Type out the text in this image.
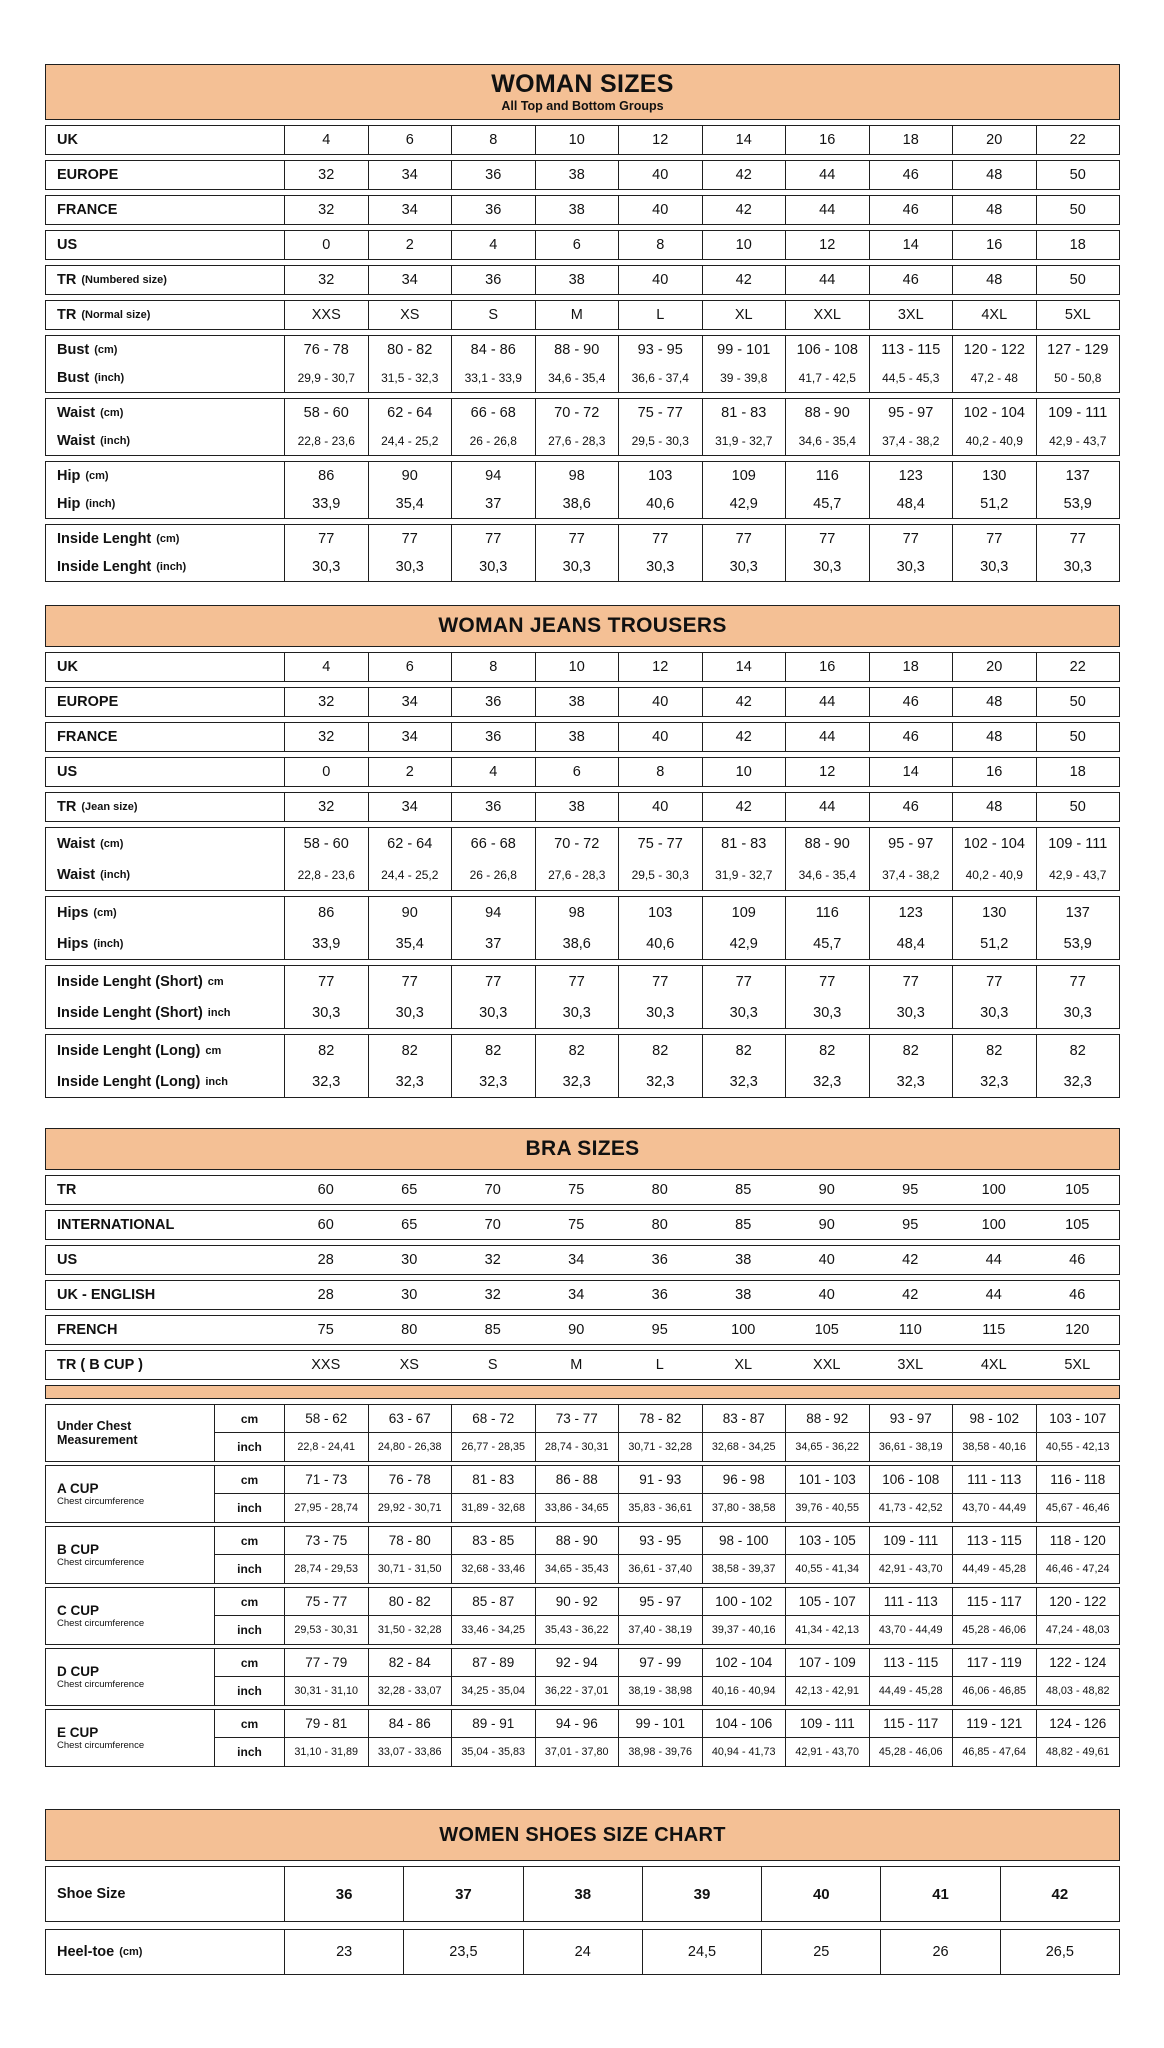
WOMAN SIZES
All Top and Bottom Groups
UK	4	6	8	10	12	14	16	18	20	22
EUROPE	32	34	36	38	40	42	44	46	48	50
FRANCE	32	34	36	38	40	42	44	46	48	50
US	0	2	4	6	8	10	12	14	16	18
TR (Numbered size)	32	34	36	38	40	42	44	46	48	50
TR (Normal size)	XXS	XS	S	M	L	XL	XXL	3XL	4XL	5XL
Bust (cm)	76 - 78	80 - 82	84 - 86	88 - 90	93 - 95	99 - 101	106 - 108	113 - 115	120 - 122	127 - 129
Bust (inch)	29,9 - 30,7	31,5 - 32,3	33,1 - 33,9	34,6 - 35,4	36,6 - 37,4	39 - 39,8	41,7 - 42,5	44,5 - 45,3	47,2 - 48	50 - 50,8
Waist (cm)	58 - 60	62 - 64	66 - 68	70 - 72	75 - 77	81 - 83	88 - 90	95 - 97	102 - 104	109 - 111
Waist (inch)	22,8 - 23,6	24,4 - 25,2	26 - 26,8	27,6 - 28,3	29,5 - 30,3	31,9 - 32,7	34,6 - 35,4	37,4 - 38,2	40,2 - 40,9	42,9 - 43,7
Hip (cm)	86	90	94	98	103	109	116	123	130	137
Hip (inch)	33,9	35,4	37	38,6	40,6	42,9	45,7	48,4	51,2	53,9
Inside Lenght (cm)	77	77	77	77	77	77	77	77	77	77
Inside Lenght (inch)	30,3	30,3	30,3	30,3	30,3	30,3	30,3	30,3	30,3	30,3
WOMAN JEANS TROUSERS
UK	4	6	8	10	12	14	16	18	20	22
EUROPE	32	34	36	38	40	42	44	46	48	50
FRANCE	32	34	36	38	40	42	44	46	48	50
US	0	2	4	6	8	10	12	14	16	18
TR (Jean size)	32	34	36	38	40	42	44	46	48	50
Waist (cm)	58 - 60	62 - 64	66 - 68	70 - 72	75 - 77	81 - 83	88 - 90	95 - 97	102 - 104	109 - 111
Waist (inch)	22,8 - 23,6	24,4 - 25,2	26 - 26,8	27,6 - 28,3	29,5 - 30,3	31,9 - 32,7	34,6 - 35,4	37,4 - 38,2	40,2 - 40,9	42,9 - 43,7
Hips (cm)	86	90	94	98	103	109	116	123	130	137
Hips (inch)	33,9	35,4	37	38,6	40,6	42,9	45,7	48,4	51,2	53,9
Inside Lenght (Short) cm	77	77	77	77	77	77	77	77	77	77
Inside Lenght (Short) inch	30,3	30,3	30,3	30,3	30,3	30,3	30,3	30,3	30,3	30,3
Inside Lenght (Long) cm	82	82	82	82	82	82	82	82	82	82
Inside Lenght (Long) inch	32,3	32,3	32,3	32,3	32,3	32,3	32,3	32,3	32,3	32,3
BRA SIZES
TR	60	65	70	75	80	85	90	95	100	105
INTERNATIONAL	60	65	70	75	80	85	90	95	100	105
US	28	30	32	34	36	38	40	42	44	46
UK - ENGLISH	28	30	32	34	36	38	40	42	44	46
FRENCH	75	80	85	90	95	100	105	110	115	120
TR ( B CUP )	XXS	XS	S	M	L	XL	XXL	3XL	4XL	5XL
Under Chest
Measurement
cm	58 - 62	63 - 67	68 - 72	73 - 77	78 - 82	83 - 87	88 - 92	93 - 97	98 - 102	103 - 107
inch	22,8 - 24,41	24,80 - 26,38	26,77 - 28,35	28,74 - 30,31	30,71 - 32,28	32,68 - 34,25	34,65 - 36,22	36,61 - 38,19	38,58 - 40,16	40,55 - 42,13
A CUP
Chest circumference
cm	71 - 73	76 - 78	81 - 83	86 - 88	91 - 93	96 - 98	101 - 103	106 - 108	111 - 113	116 - 118
inch	27,95 - 28,74	29,92 - 30,71	31,89 - 32,68	33,86 - 34,65	35,83 - 36,61	37,80 - 38,58	39,76 - 40,55	41,73 - 42,52	43,70 - 44,49	45,67 - 46,46
B CUP
Chest circumference
cm	73 - 75	78 - 80	83 - 85	88 - 90	93 - 95	98 - 100	103 - 105	109 - 111	113 - 115	118 - 120
inch	28,74 - 29,53	30,71 - 31,50	32,68 - 33,46	34,65 - 35,43	36,61 - 37,40	38,58 - 39,37	40,55 - 41,34	42,91 - 43,70	44,49 - 45,28	46,46 - 47,24
C CUP
Chest circumference
cm	75 - 77	80 - 82	85 - 87	90 - 92	95 - 97	100 - 102	105 - 107	111 - 113	115 - 117	120 - 122
inch	29,53 - 30,31	31,50 - 32,28	33,46 - 34,25	35,43 - 36,22	37,40 - 38,19	39,37 - 40,16	41,34 - 42,13	43,70 - 44,49	45,28 - 46,06	47,24 - 48,03
D CUP
Chest circumference
cm	77 - 79	82 - 84	87 - 89	92 - 94	97 - 99	102 - 104	107 - 109	113 - 115	117 - 119	122 - 124
inch	30,31 - 31,10	32,28 - 33,07	34,25 - 35,04	36,22 - 37,01	38,19 - 38,98	40,16 - 40,94	42,13 - 42,91	44,49 - 45,28	46,06 - 46,85	48,03 - 48,82
E CUP
Chest circumference
cm	79 - 81	84 - 86	89 - 91	94 - 96	99 - 101	104 - 106	109 - 111	115 - 117	119 - 121	124 - 126
inch	31,10 - 31,89	33,07 - 33,86	35,04 - 35,83	37,01 - 37,80	38,98 - 39,76	40,94 - 41,73	42,91 - 43,70	45,28 - 46,06	46,85 - 47,64	48,82 - 49,61
WOMEN SHOES SIZE CHART
Shoe Size	36	37	38	39	40	41	42
Heel-toe (cm)	23	23,5	24	24,5	25	26	26,5
